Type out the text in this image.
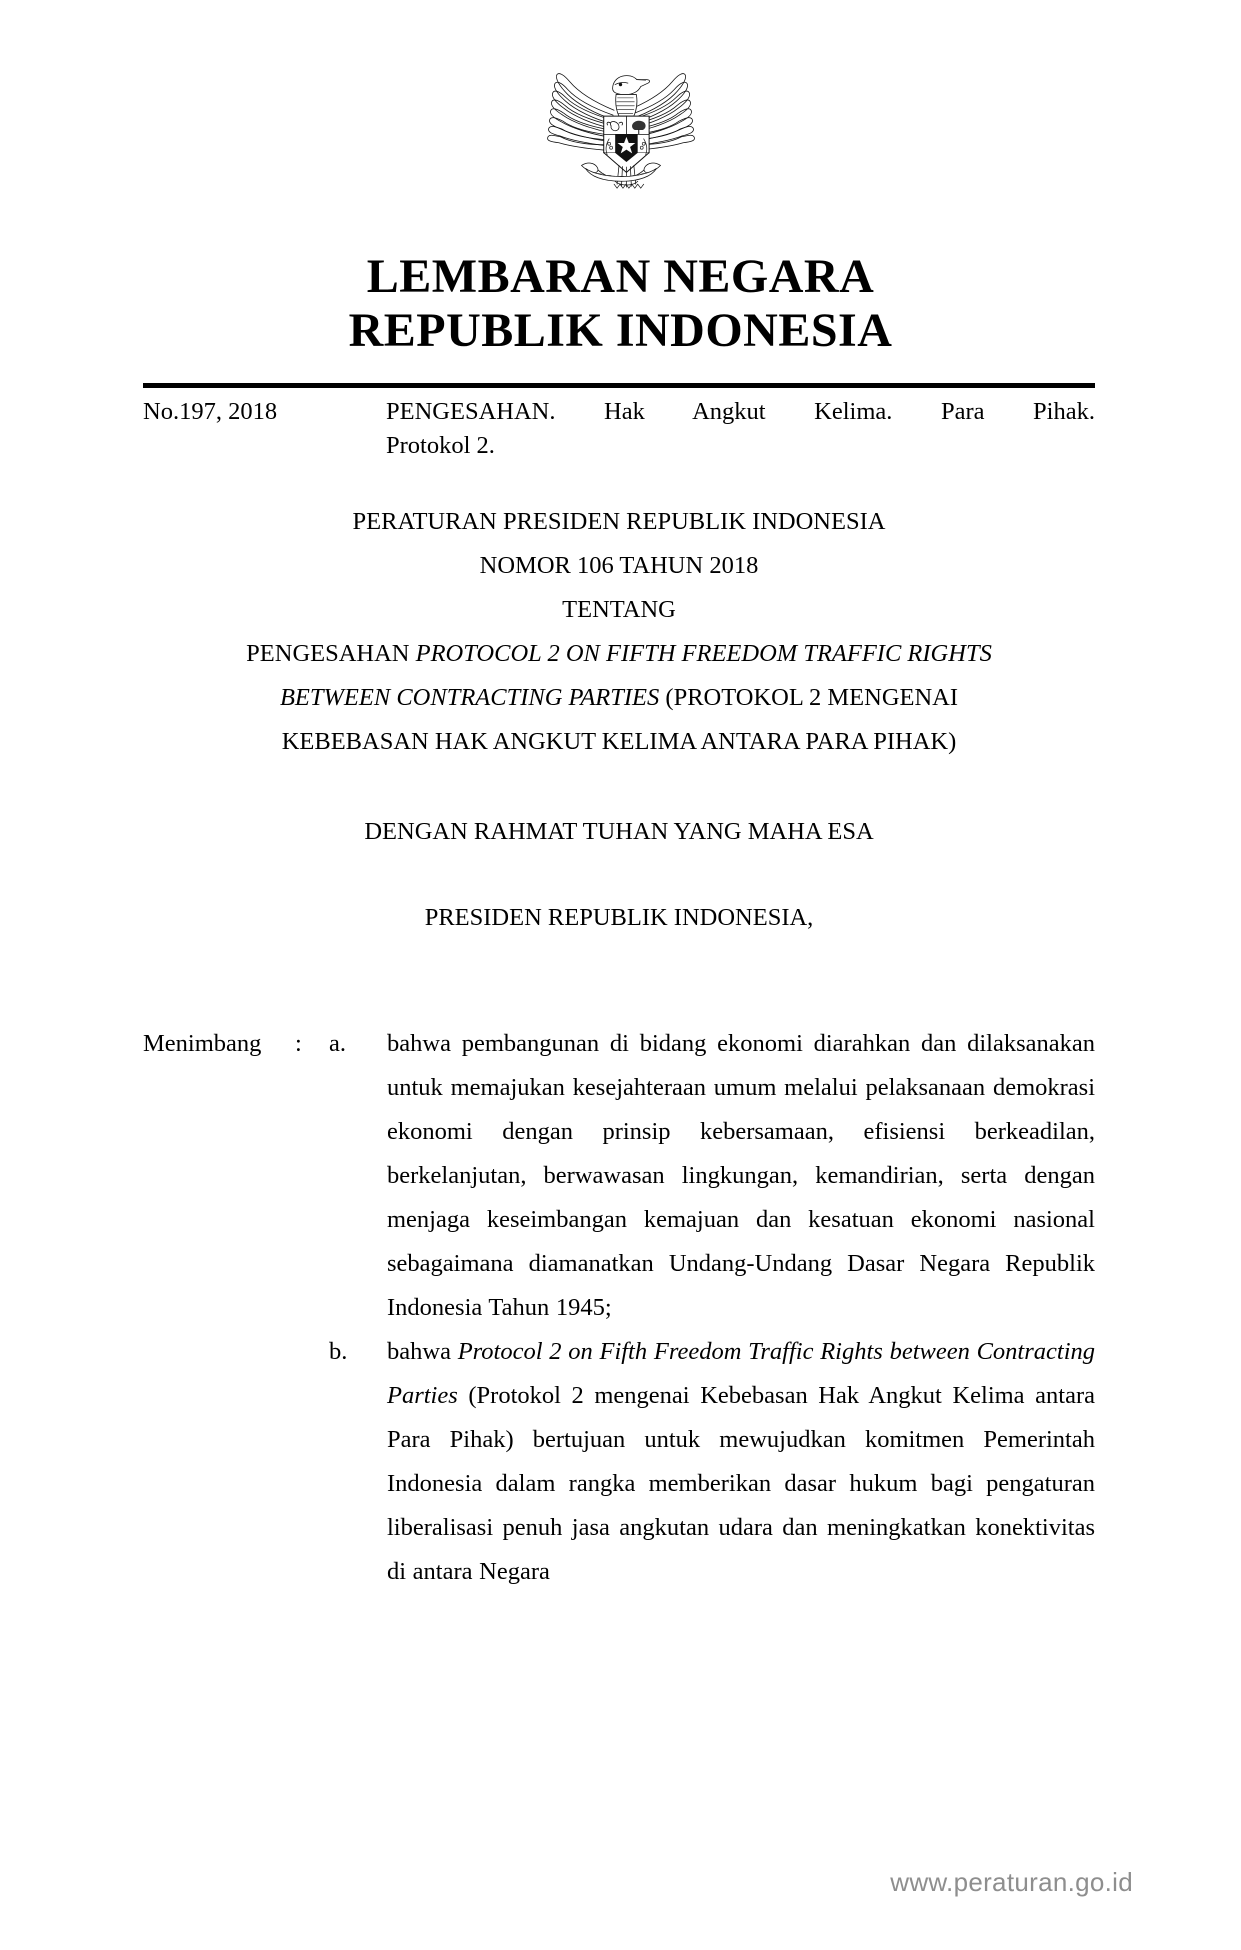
LEMBARAN NEGARA
REPUBLIK INDONESIA
No.197, 2018	PENGESAHAN. Hak Angkut Kelima. Para Pihak.
Protokol 2.
PERATURAN PRESIDEN REPUBLIK INDONESIA
NOMOR 106 TAHUN 2018
TENTANG
PENGESAHAN PROTOCOL 2 ON FIFTH FREEDOM TRAFFIC RIGHTS
BETWEEN CONTRACTING PARTIES (PROTOKOL 2 MENGENAI
KEBEBASAN HAK ANGKUT KELIMA ANTARA PARA PIHAK)
DENGAN RAHMAT TUHAN YANG MAHA ESA
PRESIDEN REPUBLIK INDONESIA,
Menimbang	:	a.	bahwa pembangunan di bidang ekonomi diarahkan dan dilaksanakan untuk memajukan kesejahteraan umum melalui pelaksanaan demokrasi ekonomi dengan prinsip kebersamaan, efisiensi berkeadilan, berkelanjutan, berwawasan lingkungan, kemandirian, serta dengan menjaga keseimbangan kemajuan dan kesatuan ekonomi nasional sebagaimana diamanatkan Undang-Undang Dasar Negara Republik Indonesia Tahun 1945;
b.	bahwa Protocol 2 on Fifth Freedom Traffic Rights between Contracting Parties (Protokol 2 mengenai Kebebasan Hak Angkut Kelima antara Para Pihak) bertujuan untuk mewujudkan komitmen Pemerintah Indonesia dalam rangka memberikan dasar hukum bagi pengaturan liberalisasi penuh jasa angkutan udara dan meningkatkan konektivitas di antara Negara
www.peraturan.go.id
